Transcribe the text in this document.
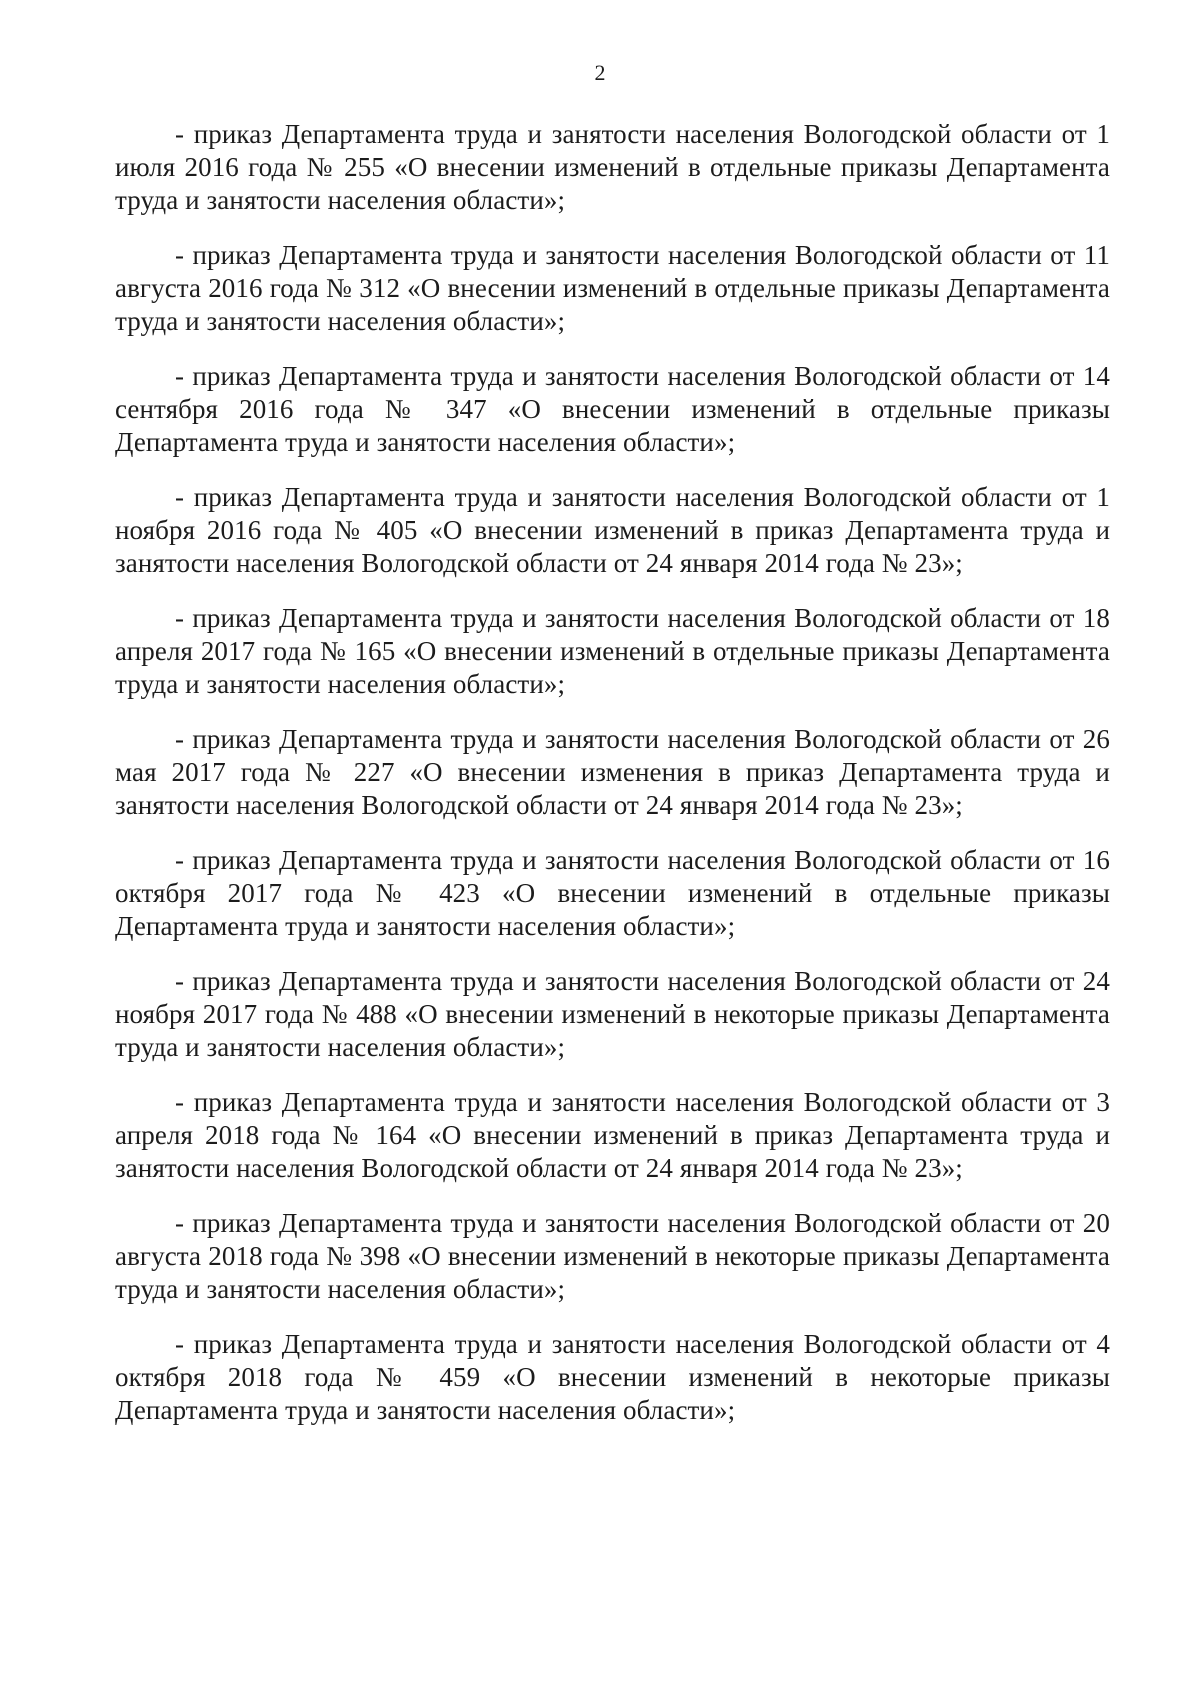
2

- приказ Департамента труда и занятости населения Вологодской области от 1 июля 2016 года № 255 «О внесении изменений в отдельные приказы Департамента труда и занятости населения области»;

- приказ Департамента труда и занятости населения Вологодской области от 11 августа 2016 года № 312 «О внесении изменений в отдельные приказы Департамента труда и занятости населения области»;

- приказ Департамента труда и занятости населения Вологодской области от 14 сентября 2016 года № 347 «О внесении изменений в отдельные приказы Департамента труда и занятости населения области»;

- приказ Департамента труда и занятости населения Вологодской области от 1 ноября 2016 года № 405 «О внесении изменений в приказ Департамента труда и занятости населения Вологодской области от 24 января 2014 года № 23»;

- приказ Департамента труда и занятости населения Вологодской области от 18 апреля 2017 года № 165 «О внесении изменений в отдельные приказы Департамента труда и занятости населения области»;

- приказ Департамента труда и занятости населения Вологодской области от 26 мая 2017 года № 227 «О внесении изменения в приказ Департамента труда и занятости населения Вологодской области от 24 января 2014 года № 23»;

- приказ Департамента труда и занятости населения Вологодской области от 16 октября 2017 года № 423 «О внесении изменений в отдельные приказы Департамента труда и занятости населения области»;

- приказ Департамента труда и занятости населения Вологодской области от 24 ноября 2017 года № 488 «О внесении изменений в некоторые приказы Департамента труда и занятости населения области»;

- приказ Департамента труда и занятости населения Вологодской области от 3 апреля 2018 года № 164 «О внесении изменений в приказ Департамента труда и занятости населения Вологодской области от 24 января 2014 года № 23»;

- приказ Департамента труда и занятости населения Вологодской области от 20 августа 2018 года № 398 «О внесении изменений в некоторые приказы Департамента труда и занятости населения области»;

- приказ Департамента труда и занятости населения Вологодской области от 4 октября 2018 года № 459 «О внесении изменений в некоторые приказы Департамента труда и занятости населения области»;
